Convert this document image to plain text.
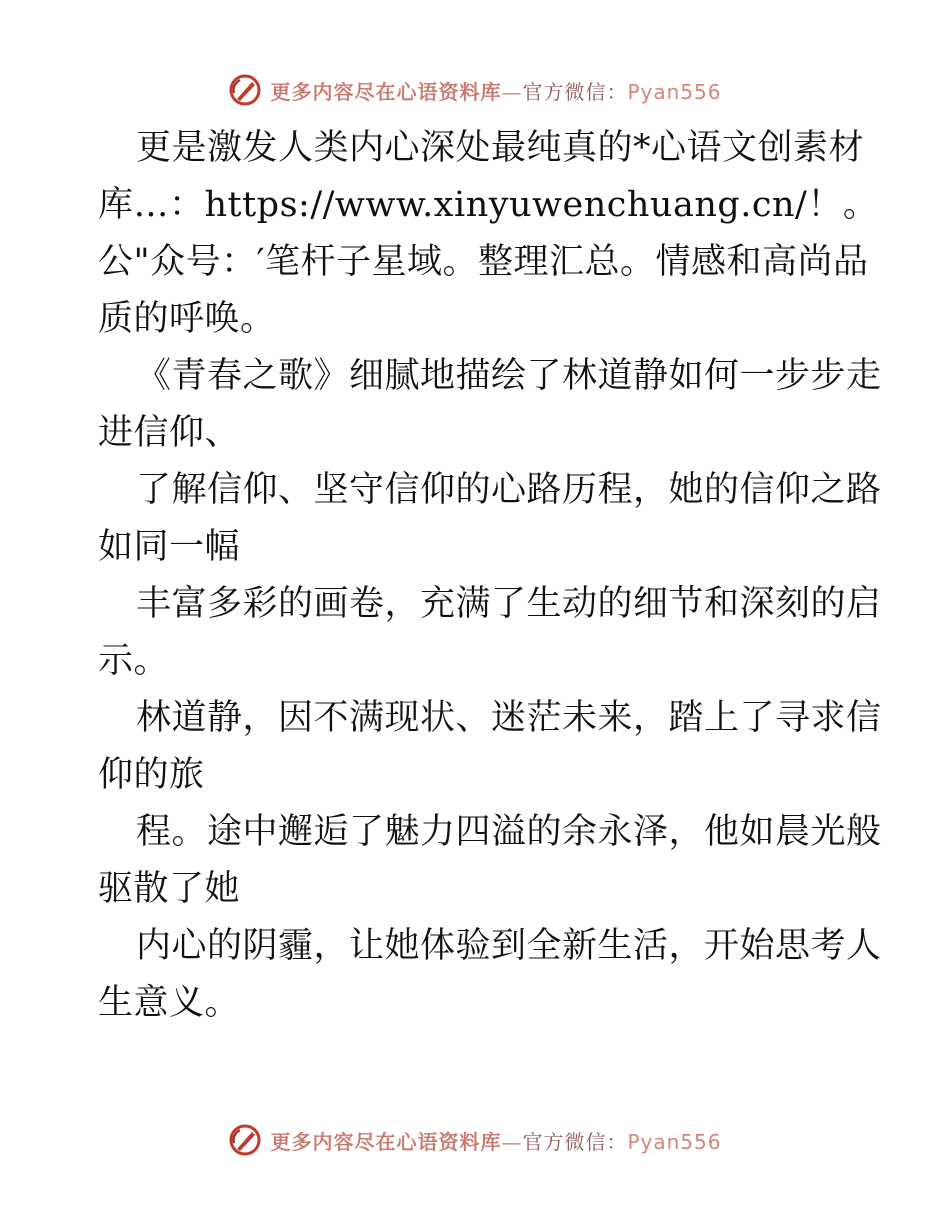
更多内容尽在心语资料库—官方微信：Pyan556
更是激发人类内心深处最纯真的*心语文创素材
库…：https://www.xinyuwenchuang.cn/！。
公"众号：′笔杆子星域。整理汇总。情感和高尚品
质的呼唤。
《青春之歌》细腻地描绘了林道静如何一步步走
进信仰、
了解信仰、坚守信仰的心路历程，她的信仰之路
如同一幅
丰富多彩的画卷，充满了生动的细节和深刻的启
示。
林道静，因不满现状、迷茫未来，踏上了寻求信
仰的旅
程。途中邂逅了魅力四溢的余永泽，他如晨光般
驱散了她
内心的阴霾，让她体验到全新生活，开始思考人
生意义。
更多内容尽在心语资料库—官方微信：Pyan556
